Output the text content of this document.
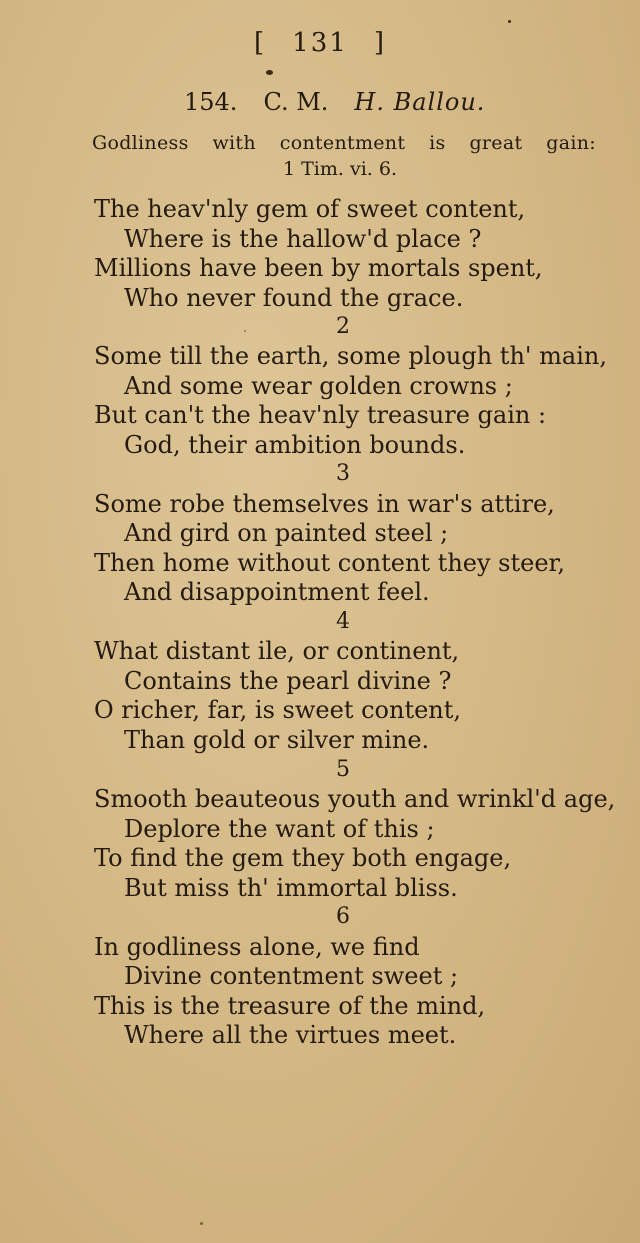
[ 131 ]
154. C. M. H. Ballou.
Godliness with contentment is great gain:
1 Tim. vi. 6.
The heav'nly gem of sweet content,
Where is the hallow'd place ?
Millions have been by mortals spent,
Who never found the grace.
2
Some till the earth, some plough th' main,
And some wear golden crowns ;
But can't the heav'nly treasure gain :
God, their ambition bounds.
3
Some robe themselves in war's attire,
And gird on painted steel ;
Then home without content they steer,
And disappointment feel.
4
What distant ile, or continent,
Contains the pearl divine ?
O richer, far, is sweet content,
Than gold or silver mine.
5
Smooth beauteous youth and wrinkl'd age,
Deplore the want of this ;
To find the gem they both engage,
But miss th' immortal bliss.
6
In godliness alone, we find
Divine contentment sweet ;
This is the treasure of the mind,
Where all the virtues meet.
